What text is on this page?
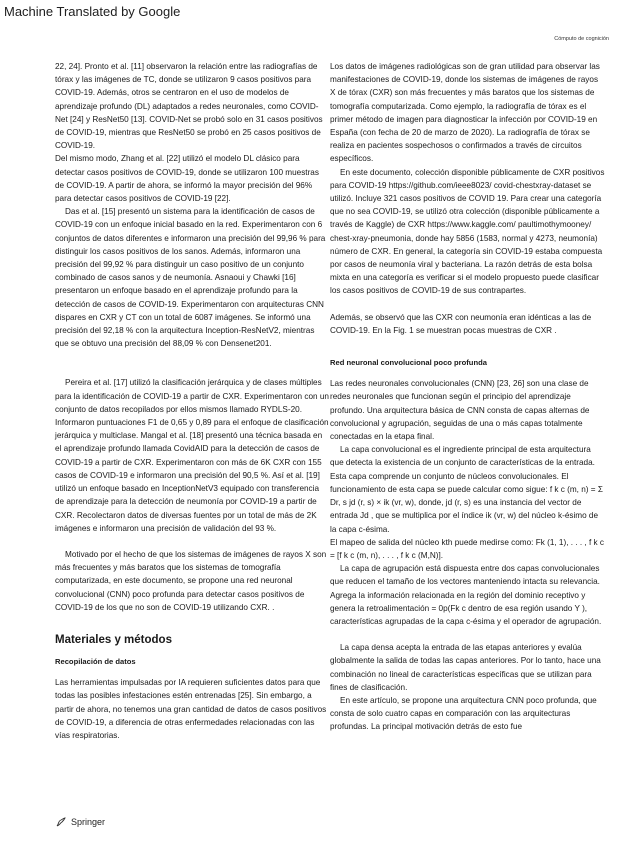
Machine Translated by Google
Cómputo de cognición

22, 24]. Pronto et al. [11] observaron la relación entre las radiografías de tórax y las imágenes de TC, donde se utilizaron 9 casos positivos para COVID-19. Además, otros se centraron en el uso de modelos de aprendizaje profundo (DL) adaptados a redes neuronales, como COVID-Net [24] y ResNet50 [13]. COVID-Net se probó solo en 31 casos positivos de COVID-19, mientras que ResNet50 se probó en 25 casos positivos de COVID-19.

Del mismo modo, Zhang et al. [22] utilizó el modelo DL clásico para detectar casos positivos de COVID-19, donde se utilizaron 100 muestras de COVID-19. A partir de ahora, se informó la mayor precisión del 96% para detectar casos positivos de COVID-19 [22].

Das et al. [15] presentó un sistema para la identificación de casos de COVID-19 con un enfoque inicial basado en la red. Experimentaron con 6 conjuntos de datos diferentes e informaron una precisión del 99,96 % para distinguir los casos positivos de los sanos. Además, informaron una precisión del 99,92 % para distinguir un caso positivo de un conjunto combinado de casos sanos y de neumonía. Asnaoui y Chawki [16] presentaron un enfoque basado en el aprendizaje profundo para la detección de casos de COVID-19. Experimentaron con arquitecturas CNN dispares en CXR y CT con un total de 6087 imágenes. Se informó una precisión del 92,18 % con la arquitectura Inception-ResNetV2, mientras que se obtuvo una precisión del 88,09 % con Densenet201.

Pereira et al. [17] utilizó la clasificación jerárquica y de clases múltiples para la identificación de COVID-19 a partir de CXR. Experimentaron con un conjunto de datos recopilados por ellos mismos llamado RYDLS-20. Informaron puntuaciones F1 de 0,65 y 0,89 para el enfoque de clasificación jerárquica y multiclase. Mangal et al. [18] presentó una técnica basada en el aprendizaje profundo llamada CovidAID para la detección de casos de COVID-19 a partir de CXR. Experimentaron con más de 6K CXR con 155 casos de COVID-19 e informaron una precisión del 90,5 %. Así et al. [19] utilizó un enfoque basado en InceptionNetV3 equipado con transferencia de aprendizaje para la detección de neumonía por COVID-19 a partir de CXR. Recolectaron datos de diversas fuentes por un total de más de 2K imágenes e informaron una precisión de validación del 93 %.

Motivado por el hecho de que los sistemas de imágenes de rayos X son más frecuentes y más baratos que los sistemas de tomografía computarizada, en este documento, se propone una red neuronal convolucional (CNN) poco profunda para detectar casos positivos de COVID-19 de los que no son de COVID-19 utilizando CXR. .

Materiales y métodos
Recopilación de datos

Las herramientas impulsadas por IA requieren suficientes datos para que todas las posibles infestaciones estén entrenadas [25]. Sin embargo, a partir de ahora, no tenemos una gran cantidad de datos de casos positivos de COVID-19, a diferencia de otras enfermedades relacionadas con las vías respiratorias.

Los datos de imágenes radiológicas son de gran utilidad para observar las manifestaciones de COVID-19, donde los sistemas de imágenes de rayos X de tórax (CXR) son más frecuentes y más baratos que los sistemas de tomografía computarizada. Como ejemplo, la radiografía de tórax es el primer método de imagen para diagnosticar la infección por COVID-19 en España (con fecha de 20 de marzo de 2020). La radiografía de tórax se realiza en pacientes sospechosos o confirmados a través de circuitos específicos.

En este documento, colección disponible públicamente de CXR positivos para COVID-19 https://github.com/ieee8023/ covid-chestxray-dataset se utilizó. Incluye 321 casos positivos de COVID 19. Para crear una categoría que no sea COVID-19, se utilizó otra colección (disponible públicamente a través de Kaggle) de CXR https://www.kaggle.com/ paultimothymooney/ chest-xray-pneumonia, donde hay 5856 (1583, normal y 4273, neumonía) número de CXR. En general, la categoría sin COVID-19 estaba compuesta por casos de neumonía viral y bacteriana. La razón detrás de esta bolsa mixta en una categoría es verificar si el modelo propuesto puede clasificar los casos positivos de COVID-19 de sus contrapartes.

Además, se observó que las CXR con neumonía eran idénticas a las de COVID-19. En la Fig. 1 se muestran pocas muestras de CXR .

Red neuronal convolucional poco profunda

Las redes neuronales convolucionales (CNN) [23, 26] son una clase de redes neuronales que funcionan según el principio del aprendizaje profundo. Una arquitectura básica de CNN consta de capas alternas de convolucional y agrupación, seguidas de una o más capas totalmente conectadas en la etapa final.

La capa convolucional es el ingrediente principal de esta arquitectura que detecta la existencia de un conjunto de características de la entrada. Esta capa comprende un conjunto de núcleos convolucionales. El funcionamiento de esta capa se puede calcular como sigue: f k c (m, n) = Σ Dr, s jd (r, s) × ik (vr, w), donde, jd (r, s) es una instancia del vector de entrada Jd , que se multiplica por el índice ik (vr, w) del núcleo k-ésimo de la capa c-ésima.

El mapeo de salida del núcleo kth puede medirse como: Fk (1, 1), . . . , f k c = [f k c (m, n), . . . , f k c (M,N)].

La capa de agrupación está dispuesta entre dos capas convolucionales que reducen el tamaño de los vectores manteniendo intacta su relevancia. Agrega la información relacionada en la región del dominio receptivo y genera la retroalimentación = 0p(Fk c dentro de esa región usando Y ), características agrupadas de la capa c-ésima y el operador de agrupación.

La capa densa acepta la entrada de las etapas anteriores y evalúa globalmente la salida de todas las capas anteriores. Por lo tanto, hace una combinación no lineal de características específicas que se utilizan para fines de clasificación.

En este artículo, se propone una arquitectura CNN poco profunda, que consta de solo cuatro capas en comparación con las arquitecturas profundas. La principal motivación detrás de esto fue

Springer
